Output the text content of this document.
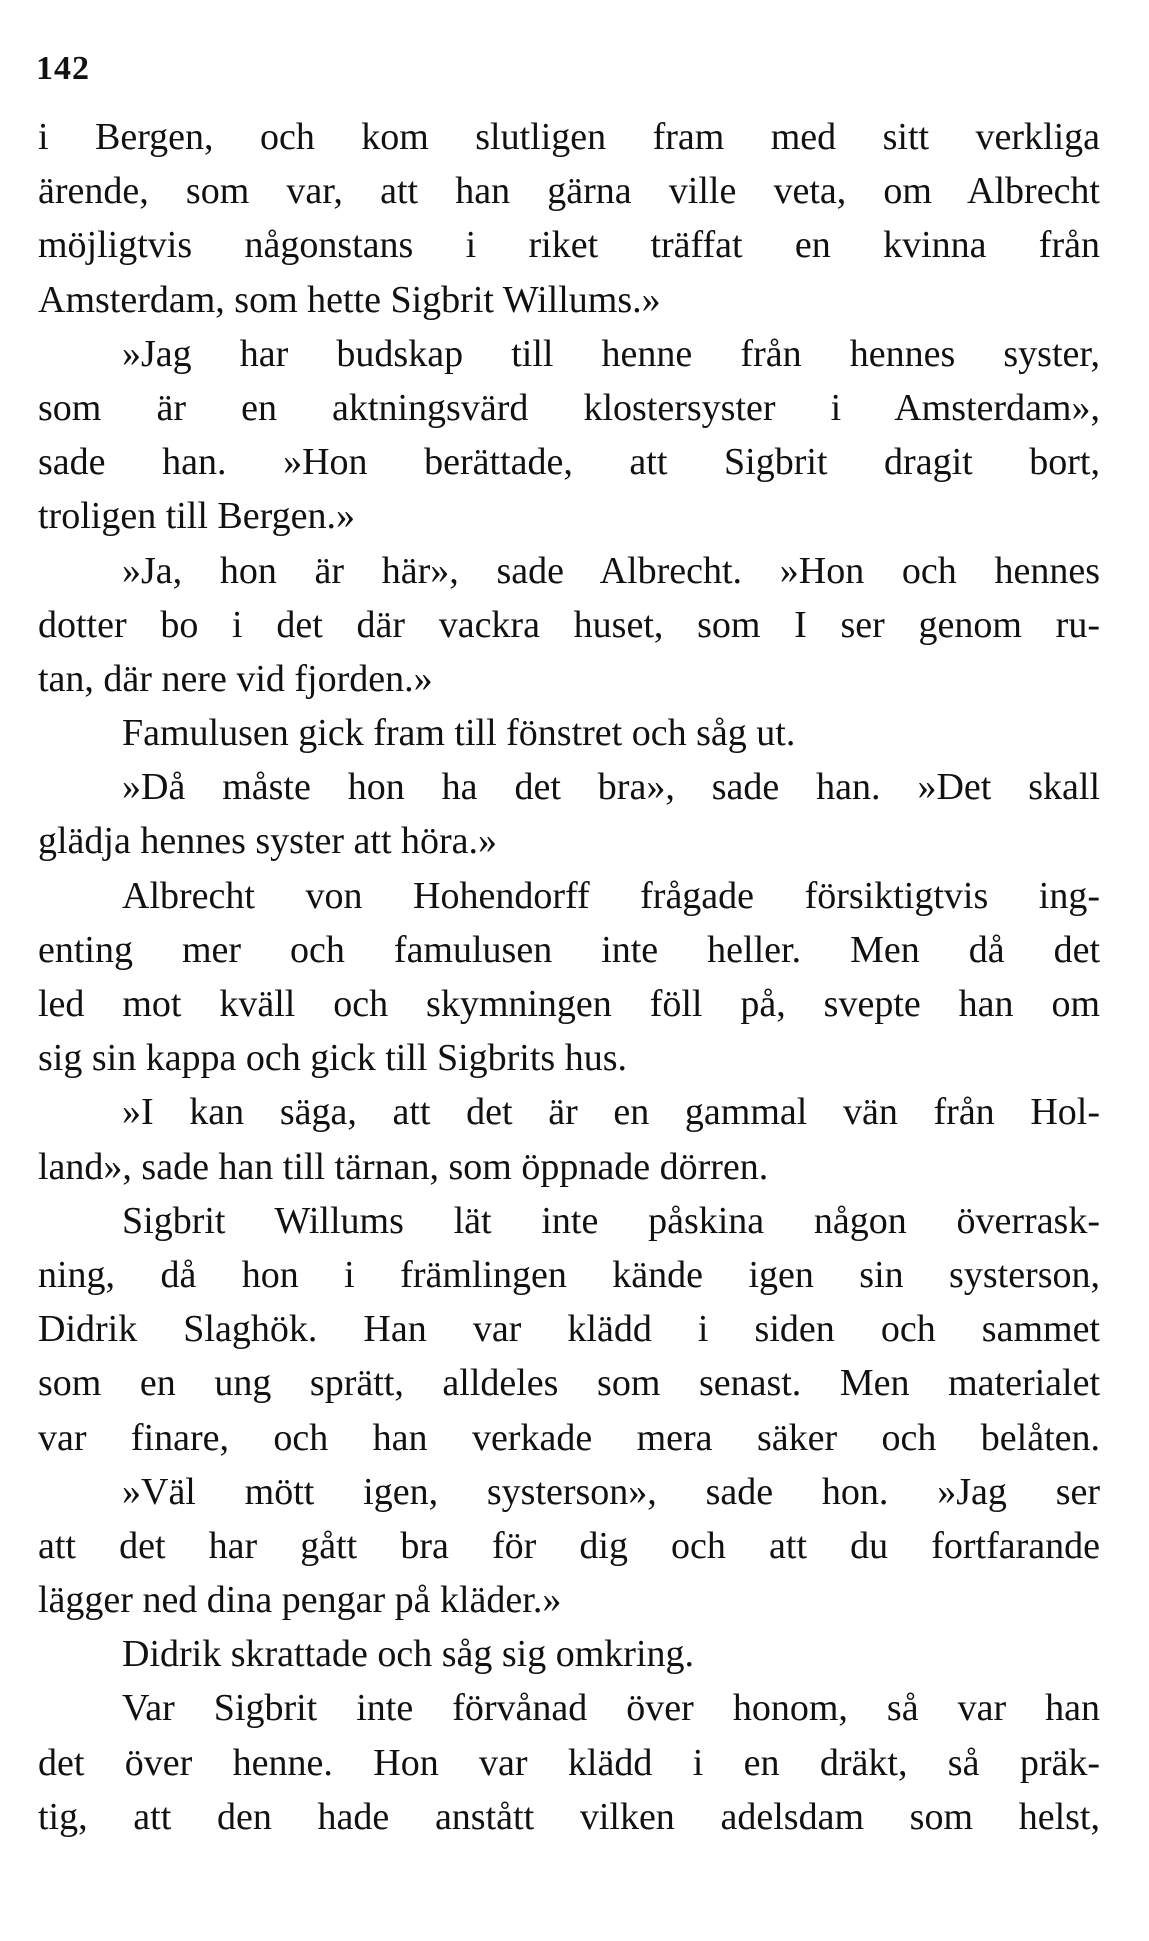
142
i Bergen, och kom slutligen fram med sitt verkliga
ärende, som var, att han gärna ville veta, om Albrecht
möjligtvis någonstans i riket träffat en kvinna från
Amsterdam, som hette Sigbrit Willums.»
»Jag har budskap till henne från hennes syster,
som är en aktningsvärd klostersyster i Amsterdam»,
sade han. »Hon berättade, att Sigbrit dragit bort,
troligen till Bergen.»
»Ja, hon är här», sade Albrecht. »Hon och hennes
dotter bo i det där vackra huset, som I ser genom ru-
tan, där nere vid fjorden.»
Famulusen gick fram till fönstret och såg ut.
»Då måste hon ha det bra», sade han. »Det skall
glädja hennes syster att höra.»
Albrecht von Hohendorff frågade försiktigtvis ing-
enting mer och famulusen inte heller. Men då det
led mot kväll och skymningen föll på, svepte han om
sig sin kappa och gick till Sigbrits hus.
»I kan säga, att det är en gammal vän från Hol-
land», sade han till tärnan, som öppnade dörren.
Sigbrit Willums lät inte påskina någon överrask-
ning, då hon i främlingen kände igen sin systerson,
Didrik Slaghök. Han var klädd i siden och sammet
som en ung sprätt, alldeles som senast. Men materialet
var finare, och han verkade mera säker och belåten.
»Väl mött igen, systerson», sade hon. »Jag ser
att det har gått bra för dig och att du fortfarande
lägger ned dina pengar på kläder.»
Didrik skrattade och såg sig omkring.
Var Sigbrit inte förvånad över honom, så var han
det över henne. Hon var klädd i en dräkt, så präk-
tig, att den hade anstått vilken adelsdam som helst,
